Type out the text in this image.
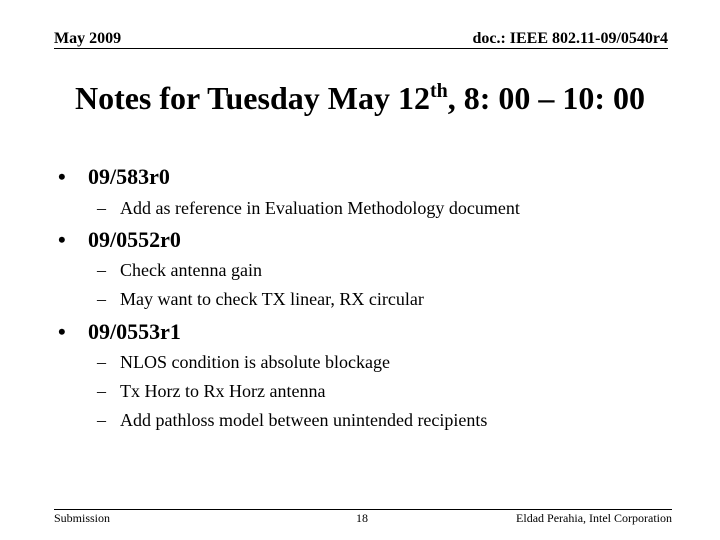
May 2009	doc.: IEEE 802.11-09/0540r4
Notes for Tuesday May 12th, 8: 00 – 10: 00
• 09/583r0
– Add as reference in Evaluation Methodology document
• 09/0552r0
– Check antenna gain
– May want to check TX linear, RX circular
• 09/0553r1
– NLOS condition is absolute blockage
– Tx Horz to Rx Horz antenna
– Add pathloss model between unintended recipients
Submission	18	Eldad Perahia, Intel Corporation
